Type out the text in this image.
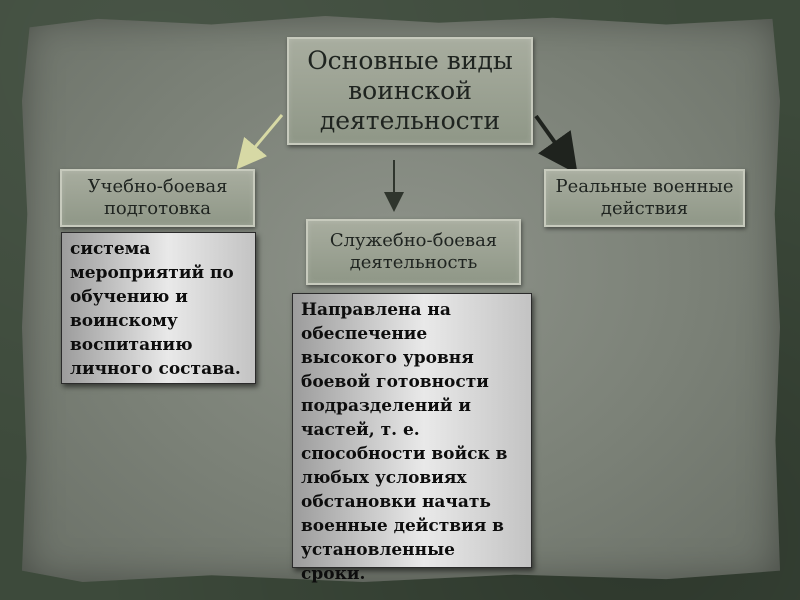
Основные виды воинской деятельности
Учебно-боевая подготовка
Служебно-боевая деятельность
Реальные военные действия
система мероприятий по обучению и воинскому воспитанию личного состава.
Направлена на обеспечение высокого уровня боевой готовности подразделений и частей, т. е. способности войск в любых условиях обстановки начать военные действия в установленные сроки.
